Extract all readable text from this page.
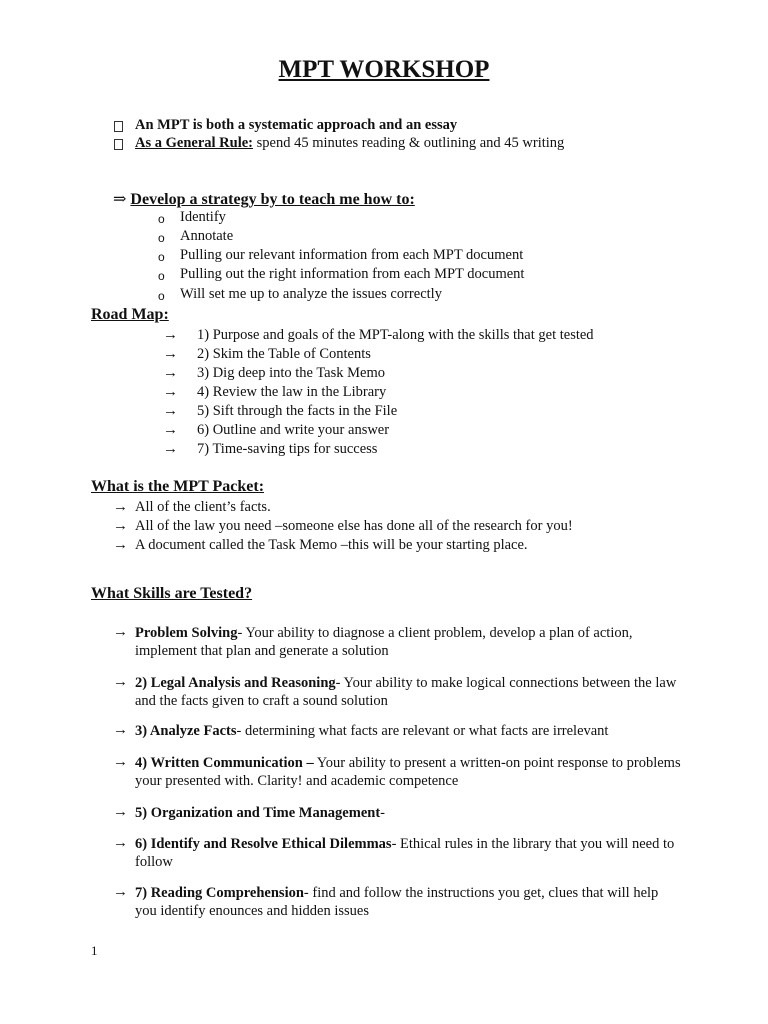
MPT WORKSHOP
An MPT is both a systematic approach and an essay
As a General Rule: spend 45 minutes reading & outlining and 45 writing
⇒ Develop a strategy by to teach me how to:
o Identify
o Annotate
o Pulling our relevant information from each MPT document
o Pulling out the right information from each MPT document
o Will set me up to analyze the issues correctly
Road Map:
→ 1) Purpose and goals of the MPT-along with the skills that get tested
→ 2) Skim the Table of Contents
→ 3) Dig deep into the Task Memo
→ 4) Review the law in the Library
→ 5) Sift through the facts in the File
→ 6) Outline and write your answer
→ 7) Time-saving tips for success
What is the MPT Packet:
→ All of the client’s facts.
→ All of the law you need –someone else has done all of the research for you!
→ A document called the Task Memo –this will be your starting place.
What Skills are Tested?
→ Problem Solving- Your ability to diagnose a client problem, develop a plan of action, implement that plan and generate a solution
→ 2) Legal Analysis and Reasoning- Your ability to make logical connections between the law and the facts given to craft a sound solution
→ 3) Analyze Facts- determining what facts are relevant or what facts are irrelevant
→ 4) Written Communication – Your ability to present a written-on point response to problems your presented with. Clarity! and academic competence
→ 5) Organization and Time Management-
→ 6) Identify and Resolve Ethical Dilemmas- Ethical rules in the library that you will need to follow
→ 7) Reading Comprehension- find and follow the instructions you get, clues that will help you identify enounces and hidden issues
1
